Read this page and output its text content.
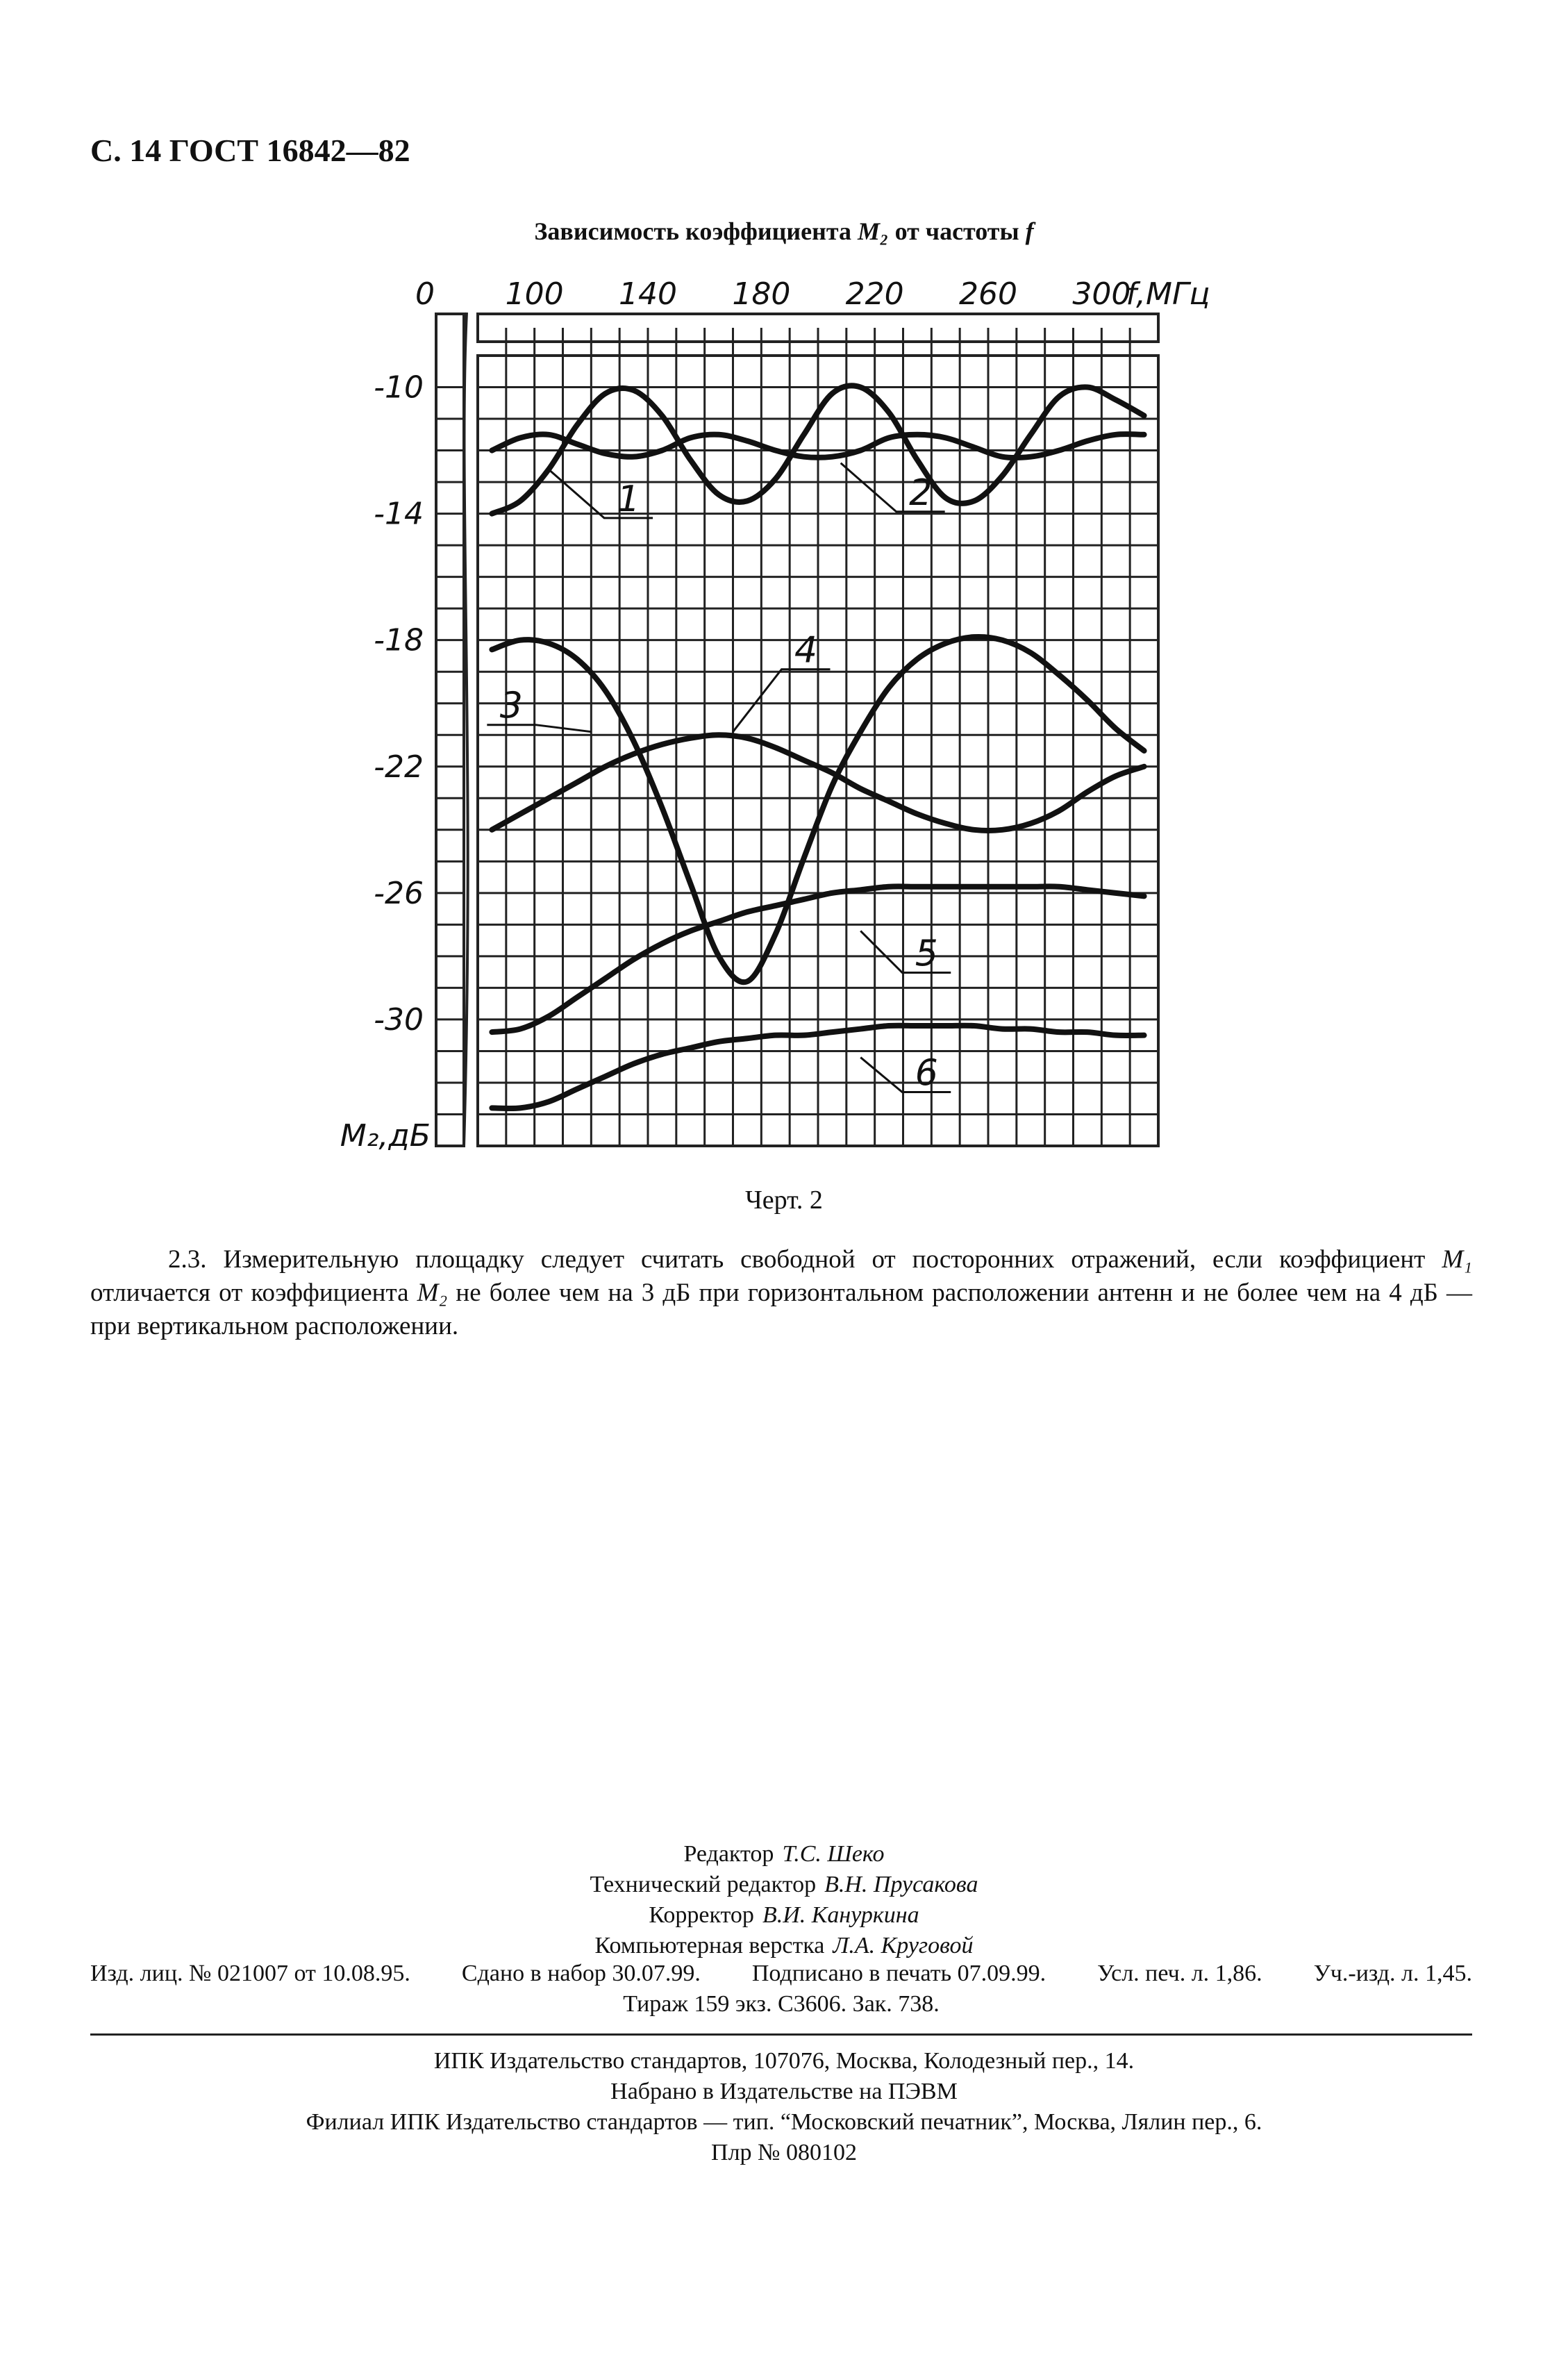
С. 14 ГОСТ 16842—82
Зависимость коэффициента M₂ от частоты f
0 100 140 180 220 260 300
f,МГц
-10
-14
-18
-22
-26
-30
M₂,дБ
1	2
3
4
5
6
Черт. 2

2.3. Измерительную площадку следует считать свободной от посторонних отражений, если коэффициент M₁ отличается от коэффициента M₂ не более чем на 3 дБ при горизонтальном расположении антенн и не более чем на 4 дБ — при вертикальном расположении.

Редактор Т.С. Шеко
Технический редактор В.Н. Прусакова
Корректор В.И. Кануркина
Компьютерная верстка Л.А. Круговой
Изд. лиц. № 021007 от 10.08.95. Сдано в набор 30.07.99. Подписано в печать 07.09.99. Усл. печ. л. 1,86. Уч.-изд. л. 1,45.
Тираж 159 экз. С3606. Зак. 738.
ИПК Издательство стандартов, 107076, Москва, Колодезный пер., 14.
Набрано в Издательстве на ПЭВМ
Филиал ИПК Издательство стандартов — тип. “Московский печатник”, Москва, Лялин пер., 6.
Плр № 080102
